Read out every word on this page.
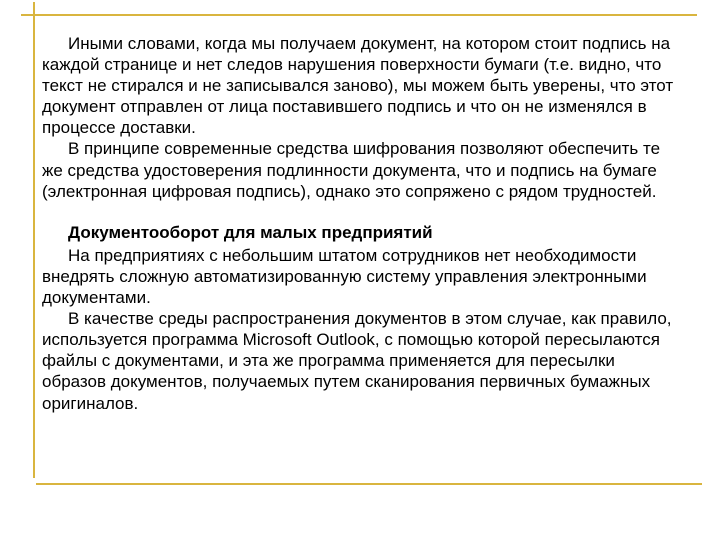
Иными словами, когда мы получаем документ, на котором стоит подпись на каждой странице и нет следов нарушения поверхности бумаги (т.е. видно, что текст не стирался и не записывался заново), мы можем быть уверены, что этот документ отправлен от лица поставившего подпись и что он не изменялся в процессе доставки.

В принципе современные средства шифрования позволяют обеспечить те же средства удостоверения подлинности документа, что и подпись на бумаге (электронная цифровая подпись), однако это сопряжено с рядом трудностей.

Документооборот для малых предприятий

На предприятиях с небольшим штатом сотрудников нет необходимости внедрять сложную автоматизированную систему управления электронными документами.

В качестве среды распространения документов в этом случае, как правило, используется программа Microsoft Outlook, с помощью которой пересылаются файлы с документами, и эта же программа применяется для пересылки образов документов, получаемых путем сканирования первичных бумажных оригиналов.
